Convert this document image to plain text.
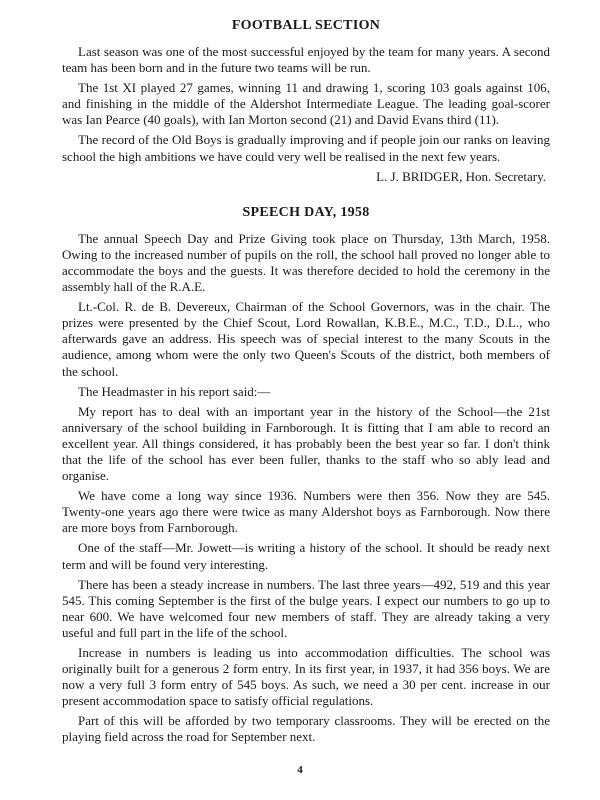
FOOTBALL SECTION

Last season was one of the most successful enjoyed by the team for many years. A second team has been born and in the future two teams will be run.

The 1st XI played 27 games, winning 11 and drawing 1, scoring 103 goals against 106, and finishing in the middle of the Aldershot Intermediate League. The leading goal-scorer was Ian Pearce (40 goals), with Ian Morton second (21) and David Evans third (11).

The record of the Old Boys is gradually improving and if people join our ranks on leaving school the high ambitions we have could very well be realised in the next few years.

L. J. BRIDGER, Hon. Secretary.

SPEECH DAY, 1958

The annual Speech Day and Prize Giving took place on Thursday, 13th March, 1958. Owing to the increased number of pupils on the roll, the school hall proved no longer able to accommodate the boys and the guests. It was therefore decided to hold the ceremony in the assembly hall of the R.A.E.

Lt.-Col. R. de B. Devereux, Chairman of the School Governors, was in the chair. The prizes were presented by the Chief Scout, Lord Rowallan, K.B.E., M.C., T.D., D.L., who afterwards gave an address. His speech was of special interest to the many Scouts in the audience, among whom were the only two Queen's Scouts of the district, both members of the school.

The Headmaster in his report said:—

My report has to deal with an important year in the history of the School—the 21st anniversary of the school building in Farnborough. It is fitting that I am able to record an excellent year. All things considered, it has probably been the best year so far. I don't think that the life of the school has ever been fuller, thanks to the staff who so ably lead and organise.

We have come a long way since 1936. Numbers were then 356. Now they are 545. Twenty-one years ago there were twice as many Aldershot boys as Farnborough. Now there are more boys from Farnborough.

One of the staff—Mr. Jowett—is writing a history of the school. It should be ready next term and will be found very interesting.

There has been a steady increase in numbers. The last three years—492, 519 and this year 545. This coming September is the first of the bulge years. I expect our numbers to go up to near 600. We have welcomed four new members of staff. They are already taking a very useful and full part in the life of the school.

Increase in numbers is leading us into accommodation difficulties. The school was originally built for a generous 2 form entry. In its first year, in 1937, it had 356 boys. We are now a very full 3 form entry of 545 boys. As such, we need a 30 per cent. increase in our present accommodation space to satisfy official regulations.

Part of this will be afforded by two temporary classrooms. They will be erected on the playing field across the road for September next.

4
